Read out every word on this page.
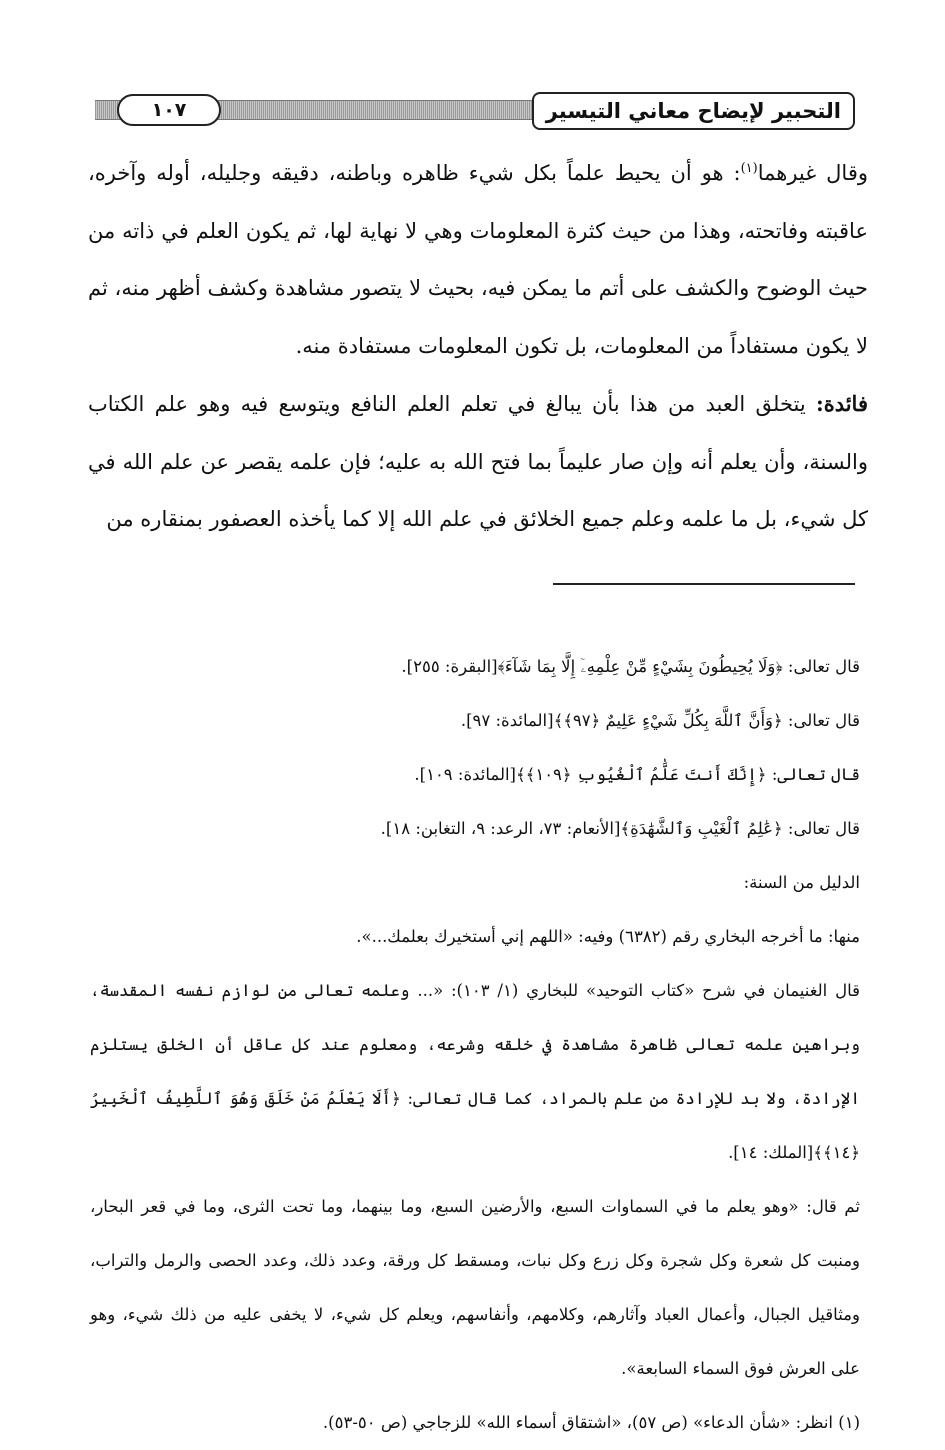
التحبير لإيضاح معاني التيسير
١٠٧

وقال غيرهما$^{(١)}$: هو أن يحيط علماً بكل شيء ظاهره وباطنه، دقيقه وجليله، أوله وآخره، عاقبته وفاتحته، وهذا من حيث كثرة المعلومات وهي لا نهاية لها، ثم يكون العلم في ذاته من حيث الوضوح والكشف على أتم ما يمكن فيه، بحيث لا يتصور مشاهدة وكشف أظهر منه، ثم لا يكون مستفاداً من المعلومات، بل تكون المعلومات مستفادة منه.

فائدة: يتخلق العبد من هذا بأن يبالغ في تعلم العلم النافع ويتوسع فيه وهو علم الكتاب والسنة، وأن يعلم أنه وإن صار عليماً بما فتح الله به عليه؛ فإن علمه يقصر عن علم الله في كل شيء، بل ما علمه وعلم جميع الخلائق في علم الله إلا كما يأخذه العصفور بمنقاره من

قال تعالى: ﴿وَلَا يُحِيطُونَ بِشَيْءٍ مِّنْ عِلْمِهِۦٓ إِلَّا بِمَا شَآءَ﴾[البقرة: ٢٥٥].

قال تعالى: ﴿وَأَنَّ ٱللَّهَ بِكُلِّ شَيْءٍ عَلِيمٌ ﴿٩٧﴾﴾[المائدة: ٩٧].

قال تعالى: ﴿إِنَّكَ أَنتَ عَلَّٰمُ ٱلْغُيُوبِ ﴿١٠٩﴾﴾[المائدة: ١٠٩].

قال تعالى: ﴿عَٰلِمُ ٱلْغَيْبِ وَٱلشَّهَٰدَةِ﴾[الأنعام: ٧٣، الرعد: ٩، التغابن: ١٨].

الدليل من السنة:

منها: ما أخرجه البخاري رقم (٦٣٨٢) وفيه: «اللهم إني أستخيرك بعلمك...».

قال الغنيمان في شرح «كتاب التوحيد» للبخاري (١/ ١٠٣): «... وعلمه تعالى من لوازم نفسه المقدسة، وبراهين علمه تعالى ظاهرة مشاهدة في خلقه وشرعه، ومعلوم عند كل عاقل أن الخلق يستلزم الإرادة، ولا بد للإرادة من علم بالمراد، كما قال تعالى: ﴿أَلَا يَعْلَمُ مَنْ خَلَقَ وَهُوَ ٱللَّطِيفُ ٱلْخَبِيرُ ﴿١٤﴾﴾[الملك: ١٤].

ثم قال: «وهو يعلم ما في السماوات السبع، والأرضين السبع، وما بينهما، وما تحت الثرى، وما في قعر البحار، ومنبت كل شعرة وكل شجرة وكل زرع وكل نبات، ومسقط كل ورقة، وعدد ذلك، وعدد الحصى والرمل والتراب، ومثاقيل الجبال، وأعمال العباد وآثارهم، وكلامهم، وأنفاسهم، ويعلم كل شيء، لا يخفى عليه من ذلك شيء، وهو على العرش فوق السماء السابعة».

(١) انظر: «شأن الدعاء» (ص ٥٧)، «اشتقاق أسماء الله» للزجاجي (ص ٥٠-٥٣).
